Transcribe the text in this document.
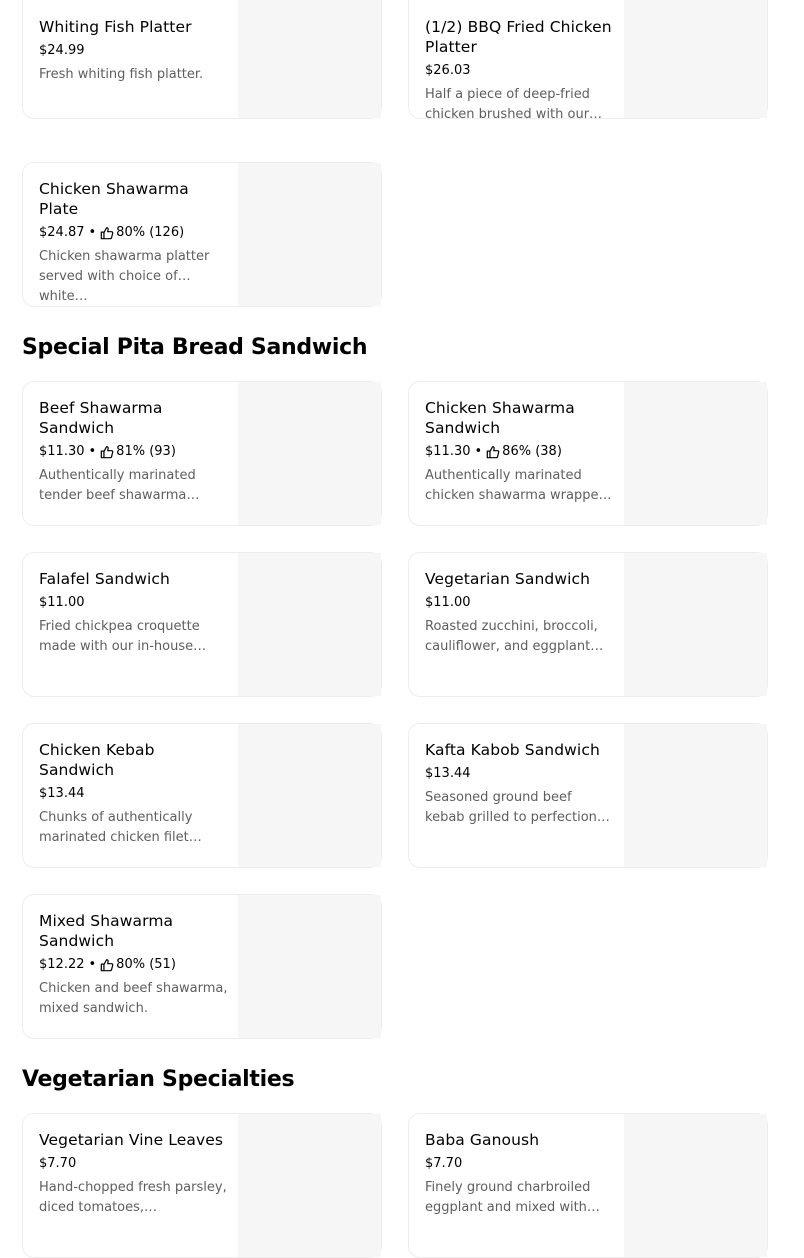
Whiting Fish Platter

$24.99
Fresh whiting fish platter.

(1/2) BBQ Fried Chicken Platter

$26.03
Half a piece of deep-fried chicken brushed with our…

Chicken Shawarma Plate

$24.87 • 80% (126)
Chicken shawarma platter served with choice of white…
Special Pita Bread Sandwich

Beef Shawarma Sandwich

$11.30 • 81% (93)
Authentically marinated tender beef shawarma…

Chicken Shawarma Sandwich

$11.30 • 86% (38)
Authentically marinated chicken shawarma wrappe…

Falafel Sandwich

$11.00
Fried chickpea croquette made with our in-house…

Vegetarian Sandwich

$11.00
Roasted zucchini, broccoli, cauliflower, and eggplant…

Chicken Kebab Sandwich

$13.44
Chunks of authentically marinated chicken filet…

Kafta Kabob Sandwich

$13.44
Seasoned ground beef kebab grilled to perfection…

Mixed Shawarma Sandwich

$12.22 • 80% (51)
Chicken and beef shawarma, mixed sandwich.
Vegetarian Specialties

Vegetarian Vine Leaves

$7.70
Hand-chopped fresh parsley, diced tomatoes,…

Baba Ganoush

$7.70
Finely ground charbroiled eggplant and mixed with…
